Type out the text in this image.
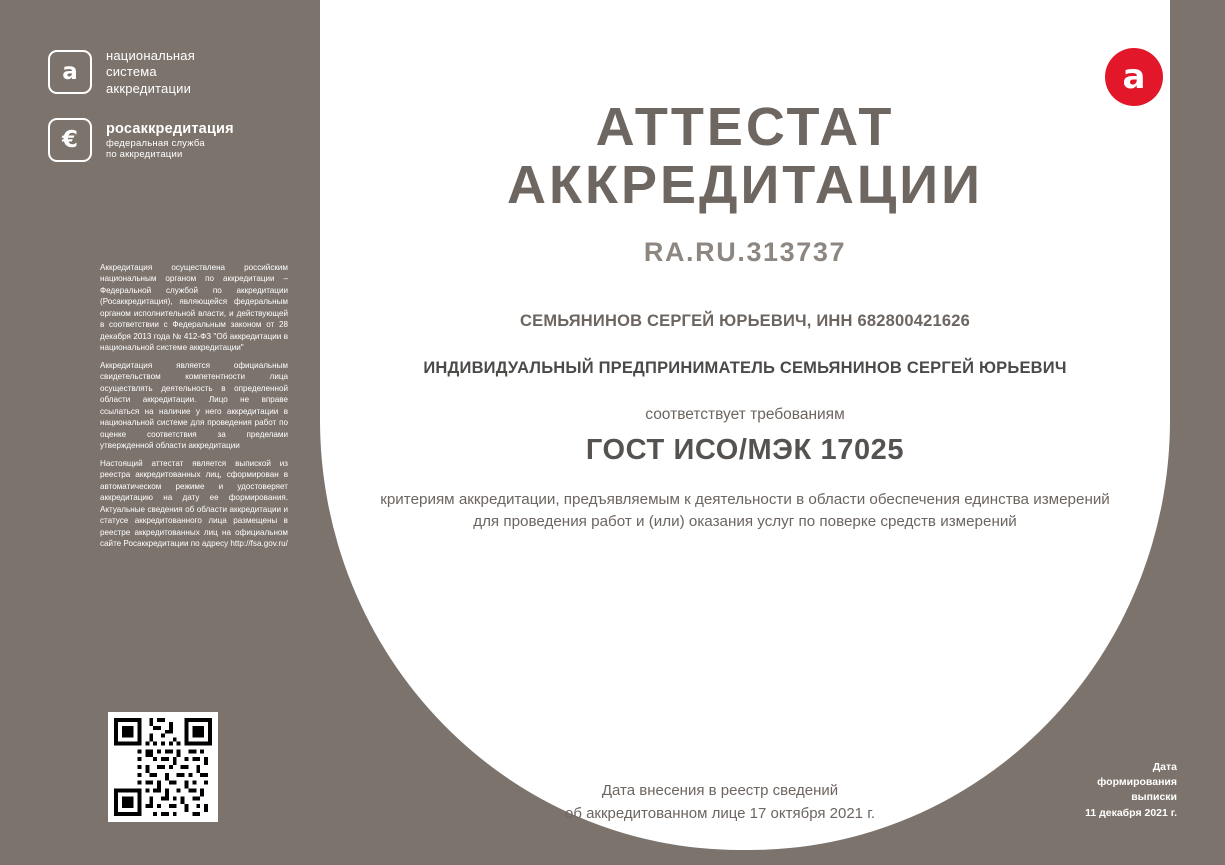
а
национальная
система
аккредитации
€	росаккредитация
федеральная служба
по аккредитации
а

Аккредитация осуществлена российским национальным органом по аккредитации – Федеральной службой по аккредитации (Росаккредитация), являющейся федеральным органом исполнительной власти, и действующей в соответствии с Федеральным законом от 28 декабря 2013 года № 412-ФЗ "Об аккредитации в национальной системе аккредитации"

Аккредитация является официальным свидетельством компетентности лица осуществлять деятельность в определенной области аккредитации. Лицо не вправе ссылаться на наличие у него аккредитации в национальной системе для проведения работ по оценке соответствия за пределами утвержденной области аккредитации

Настоящий аттестат является выпиской из реестра аккредитованных лиц, сформирован в автоматическом режиме и удостоверяет аккредитацию на дату ее формирования. Актуальные сведения об области аккредитации и статусе аккредитованного лица размещены в реестре аккредитованных лиц на официальном сайте Росаккредитации по адресу http://fsa.gov.ru/

АТТЕСТАТ
АККРЕДИТАЦИИ
RA.RU.313737
СЕМЬЯНИНОВ СЕРГЕЙ ЮРЬЕВИЧ, ИНН 682800421626
ИНДИВИДУАЛЬНЫЙ ПРЕДПРИНИМАТЕЛЬ СЕМЬЯНИНОВ СЕРГЕЙ ЮРЬЕВИЧ
соответствует требованиям
ГОСТ ИСО/МЭК 17025
критериям аккредитации, предъявляемым к деятельности в области обеспечения единства измерений для проведения работ и (или) оказания услуг по поверке средств измерений
Дата внесения в реестр сведений
об аккредитованном лице 17 октября 2021 г.
Дата
формирования
выписки
11 декабря 2021 г.
